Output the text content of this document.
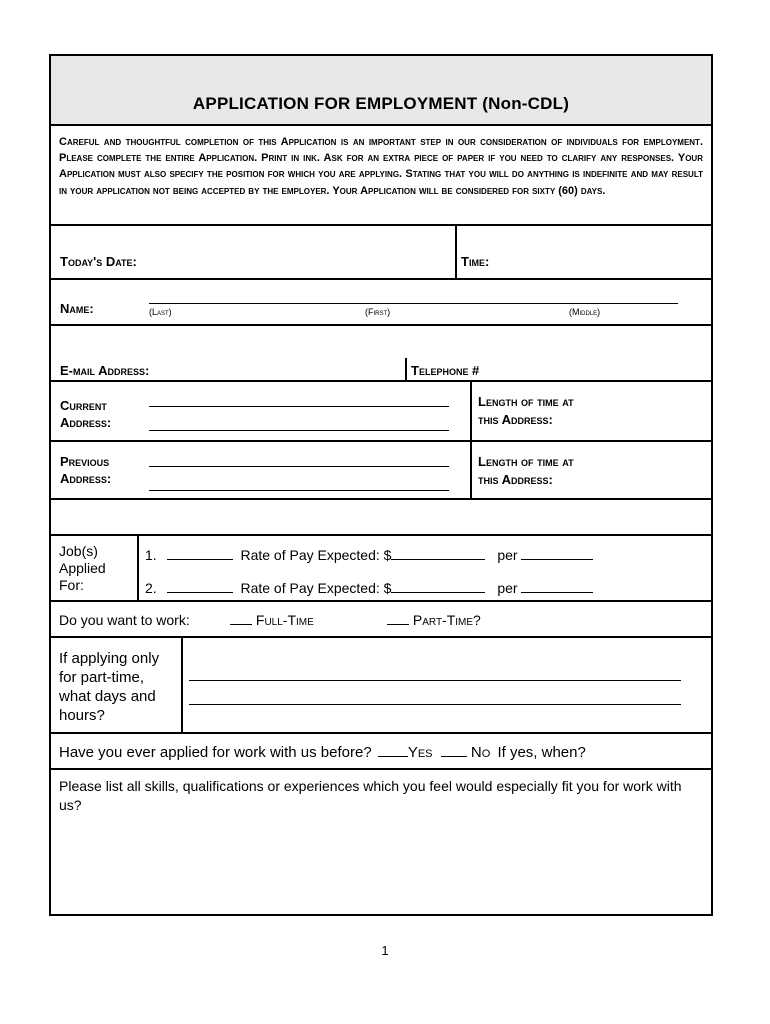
APPLICATION FOR EMPLOYMENT (Non-CDL)
Careful and thoughtful completion of this Application is an important step in our consideration of individuals for employment. Please complete the entire Application. Print in ink. Ask for an extra piece of paper if you need to clarify any responses. Your Application must also specify the position for which you are applying. Stating that you will do anything is indefinite and may result in your application not being accepted by the employer. Your Application will be considered for sixty (60) days.
Today's Date:	Time:
Name:	(Last)	(First)	(Middle)
E-mail Address:	Telephone #
Current
Address:
Length of time at
this Address:
Previous
Address:
Length of time at
this Address:
Job(s)
Applied
For:
1.	Rate of Pay Expected: $	per
2.	Rate of Pay Expected: $	per
Do you want to work:	Full-Time	Part-Time?
If applying only
for part-time,
what days and
hours?
Have you ever applied for work with us before? Yes	No If yes, when?
Please list all skills, qualifications or experiences which you feel would especially fit you for work with us?
1
